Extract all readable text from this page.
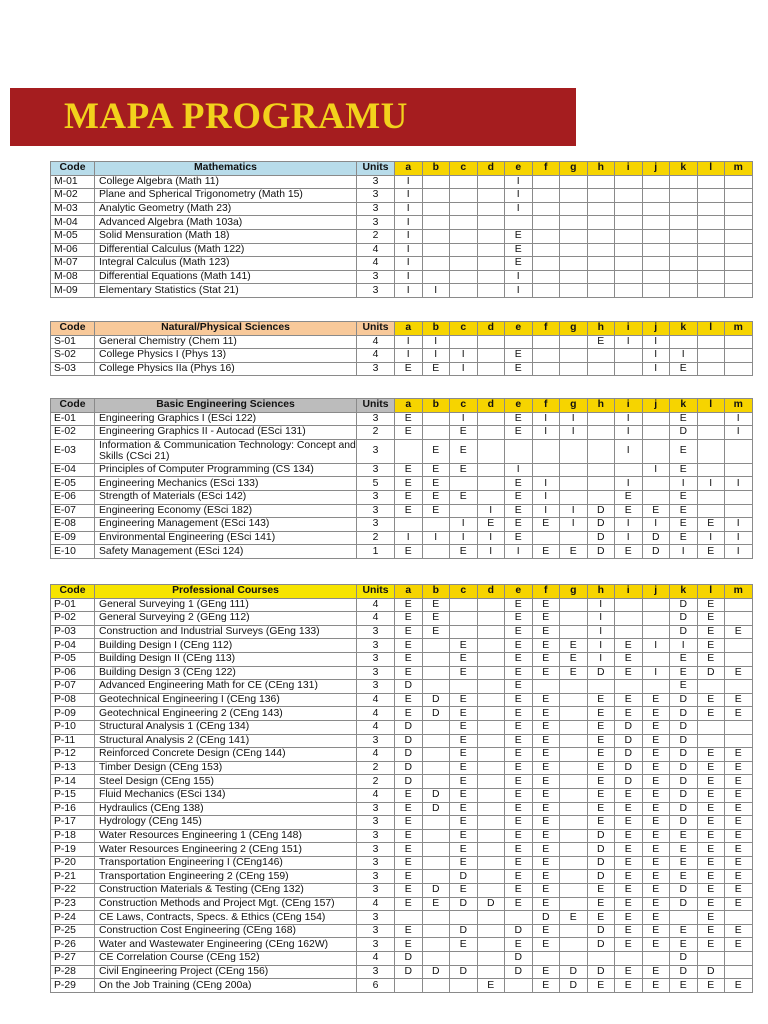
MAPA PROGRAMU
Code	Mathematics	Units	a	b	c	d	e	f	g	h	i	j	k	l	m
M-01	College Algebra (Math 11)	3	I				I								
M-02	Plane and Spherical Trigonometry (Math 15)	3	I				I								
M-03	Analytic Geometry (Math 23)	3	I				I								
M-04	Advanced Algebra (Math 103a)	3	I												
M-05	Solid Mensuration (Math 18)	2	I				E								
M-06	Differential Calculus (Math 122)	4	I				E								
M-07	Integral Calculus (Math 123)	4	I				E								
M-08	Differential Equations (Math 141)	3	I				I								
M-09	Elementary Statistics (Stat 21)	3	I	I			I								
Code	Natural/Physical Sciences	Units	a	b	c	d	e	f	g	h	i	j	k	l	m
S-01	General Chemistry (Chem 11)	4	I	I						E	I	I			
S-02	College Physics I (Phys 13)	4	I	I	I		E					I	I		
S-03	College Physics IIa (Phys 16)	3	E	E	I		E					I	E		
Code	Basic Engineering Sciences	Units	a	b	c	d	e	f	g	h	i	j	k	l	m
E-01	Engineering Graphics I (ESci 122)	3	E		I		E	I	I		I		E		I
E-02	Engineering Graphics II - Autocad (ESci 131)	2	E		E		E	I	I		I		D		I
E-03	Information & Communication Technology: Concept and Skills (CSci 21)	3		E	E						I		E		
E-04	Principles of Computer Programming (CS 134)	3	E	E	E		I					I	E		
E-05	Engineering Mechanics (ESci 133)	5	E	E			E	I			I		I	I	I
E-06	Strength of Materials (ESci 142)	3	E	E	E		E	I			E		E		
E-07	Engineering Economy (ESci 182)	3	E	E		I	E	I	I	D	E	E	E		
E-08	Engineering Management (ESci 143)	3			I	E	E	E	I	D	I	I	E	E	I
E-09	Environmental Engineering (ESci 141)	2	I	I	I	I	E			D	I	D	E	I	I
E-10	Safety Management (ESci 124)	1	E		E	I	I	E	E	D	E	D	I	E	I
Code	Professional Courses	Units	a	b	c	d	e	f	g	h	i	j	k	l	m
P-01	General Surveying 1 (GEng 111)	4	E	E			E	E		I			D	E	
P-02	General Surveying 2 (GEng 112)	4	E	E			E	E		I			D	E	
P-03	Construction and Industrial Surveys (GEng 133)	3	E	E			E	E		I			D	E	E
P-04	Building Design I (CEng 112)	3	E		E		E	E	E	I	E	I	I	E	
P-05	Building Design II (CEng 113)	3	E		E		E	E	E	I	E		E	E	
P-06	Building Design 3 (CEng 122)	3	E		E		E	E	E	D	E	I	E	D	E
P-07	Advanced Engineering Math for CE (CEng 131)	3	D				E						E		
P-08	Geotechnical Engineering I (CEng 136)	4	E	D	E		E	E		E	E	E	D	E	E
P-09	Geotechnical Engineering 2 (CEng 143)	4	E	D	E		E	E		E	E	E	D	E	E
P-10	Structural Analysis 1 (CEng 134)	4	D		E		E	E		E	D	E	D		
P-11	Structural Analysis 2 (CEng 141)	3	D		E		E	E		E	D	E	D		
P-12	Reinforced Concrete Design (CEng 144)	4	D		E		E	E		E	D	E	D	E	E
P-13	Timber Design (CEng 153)	2	D		E		E	E		E	D	E	D	E	E
P-14	Steel Design (CEng 155)	2	D		E		E	E		E	D	E	D	E	E
P-15	Fluid Mechanics (ESci 134)	4	E	D	E		E	E		E	E	E	D	E	E
P-16	Hydraulics (CEng 138)	3	E	D	E		E	E		E	E	E	D	E	E
P-17	Hydrology (CEng 145)	3	E		E		E	E		E	E	E	D	E	E
P-18	Water Resources Engineering 1 (CEng 148)	3	E		E		E	E		D	E	E	E	E	E
P-19	Water Resources Engineering 2 (CEng 151)	3	E		E		E	E		D	E	E	E	E	E
P-20	Transportation Engineering I (CEng146)	3	E		E		E	E		D	E	E	E	E	E
P-21	Transportation Engineering 2 (CEng 159)	3	E		D		E	E		D	E	E	E	E	E
P-22	Construction Materials & Testing (CEng 132)	3	E	D	E		E	E		E	E	E	D	E	E
P-23	Construction Methods and Project Mgt. (CEng 157)	4	E	E	D	D	E	E		E	E	E	D	E	E
P-24	CE Laws, Contracts, Specs. & Ethics (CEng 154)	3						D	E	E	E	E		E	
P-25	Construction Cost Engineering (CEng 168)	3	E		D		D	E		D	E	E	E	E	E
P-26	Water and Wastewater Engineering (CEng 162W)	3	E		E		E	E		D	E	E	E	E	E
P-27	CE Correlation Course (CEng 152)	4	D				D						D		
P-28	Civil Engineering Project (CEng 156)	3	D	D	D		D	E	D	D	E	E	D	D	
P-29	On the Job Training (CEng 200a)	6				E		E	D	E	E	E	E	E	E
